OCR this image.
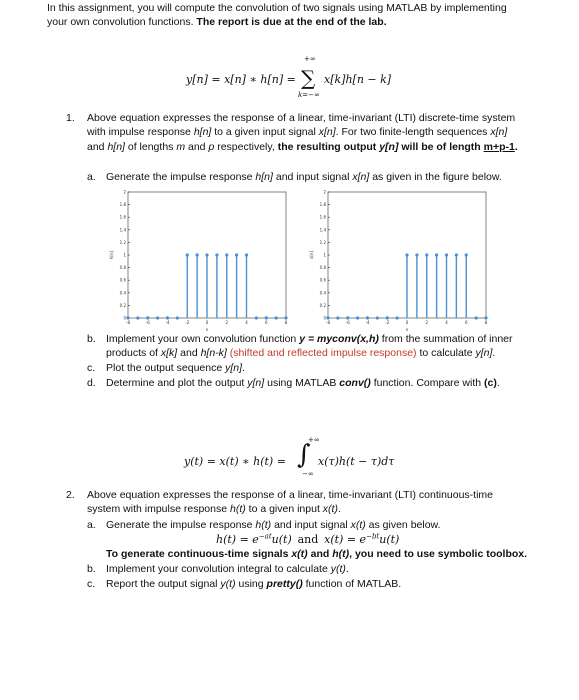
In this assignment, you will compute the convolution of two signals using MATLAB by implementing

your own convolution functions. The report is due at the end of the lab.

y[n] = x[n] ∗ h[n] =
+∞
∑
k=−∞
x[k]h[n − k]

1. Above equation expresses the response of a linear, time-invariant (LTI) discrete-time system

with impulse response h[n] to a given input signal x[n]. For two finite-length sequences x[n]

and h[n] of lengths m and p respectively, the resulting output y[n] will be of length m+p-1.

a. Generate the impulse response h[n] and input signal x[n] as given in the figure below.

0
0.2
0.4
0.6
0.8
1
1.2
1.4
1.6
1.8
2
-8	-6	-4	-2	0	2	4	6	8
n
h[n]
0
0.2
0.4
0.6
0.8
1
1.2
1.4
1.6
1.8
2
-8	-6	-4	-2	0	2	4	6	8
n
x[n]

b. Implement your own convolution function y = myconv(x,h) from the summation of inner

products of x[k] and h[n-k] (shifted and reflected impulse response) to calculate y[n].

c. Plot the output sequence y[n].

d. Determine and plot the output y[n] using MATLAB conv() function. Compare with (c).

y(t) = x(t) ∗ h(t) = ∫
+∞
−∞
x(τ)h(t − τ)dτ

2. Above equation expresses the response of a linear, time-invariant (LTI) continuous-time

system with impulse response h(t) to a given input x(t).

a. Generate the impulse response h(t) and input signal x(t) as given below.

$h(t) = e^{-at}u(t)$ and $x(t) = e^{-bt}u(t)$

To generate continuous-time signals x(t) and h(t), you need to use symbolic toolbox.

b. Implement your convolution integral to calculate y(t).

c. Report the output signal y(t) using pretty() function of MATLAB.
